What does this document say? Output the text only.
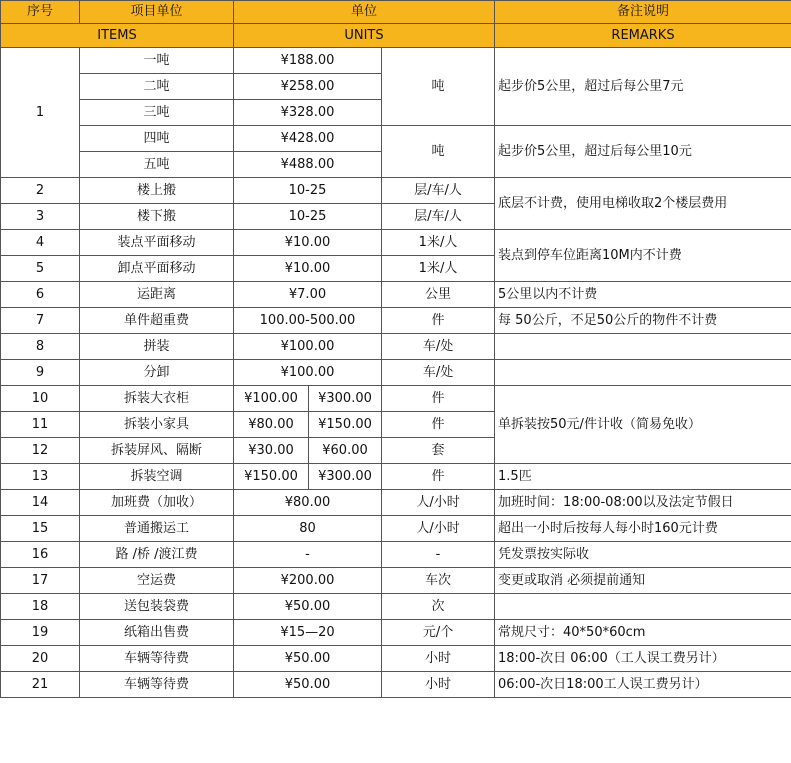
序号	项目单位	单位			备注说明
ITEMS		UNITS			REMARKS
1	一吨	¥188.00		吨	起步价5公里，超过后每公里7元
	二吨	¥258.00			
	三吨	¥328.00			
	四吨	¥428.00		吨	起步价5公里，超过后每公里10元
	五吨	¥488.00			
2	楼上搬	10-25		层/车/人	底层不计费，使用电梯收取2个楼层费用
3	楼下搬	10-25		层/车/人	
4	装点平面移动	¥10.00		1米/人	装点到停车位距离10M内不计费
5	卸点平面移动	¥10.00		1米/人	
6	运距离	¥7.00		公里	5公里以内不计费
7	单件超重费	100.00-500.00		件	每 50公斤，不足50公斤的物件不计费
8	拼装	¥100.00		车/处	
9	分卸	¥100.00		车/处	
10	拆装大衣柜	¥100.00	¥300.00	件	单拆装按50元/件计收（简易免收）
11	拆装小家具	¥80.00	¥150.00	件	
12	拆装屏风、隔断	¥30.00	¥60.00	套	
13	拆装空调	¥150.00	¥300.00	件	1.5匹
14	加班费（加收）	¥80.00		人/小时	加班时间：18:00-08:00以及法定节假日
15	普通搬运工	80		人/小时	超出一小时后按每人每小时160元计费
16	路 /桥 /渡江费	-		-	凭发票按实际收
17	空运费	¥200.00		车次	变更或取消 必须提前通知
18	送包装袋费	¥50.00		次	
19	纸箱出售费	¥15—20		元/个	常规尺寸：40*50*60cm
20	车辆等待费	¥50.00		小时	18:00-次日 06:00（工人误工费另计）
21	车辆等待费	¥50.00		小时	06:00-次日18:00工人误工费另计）
